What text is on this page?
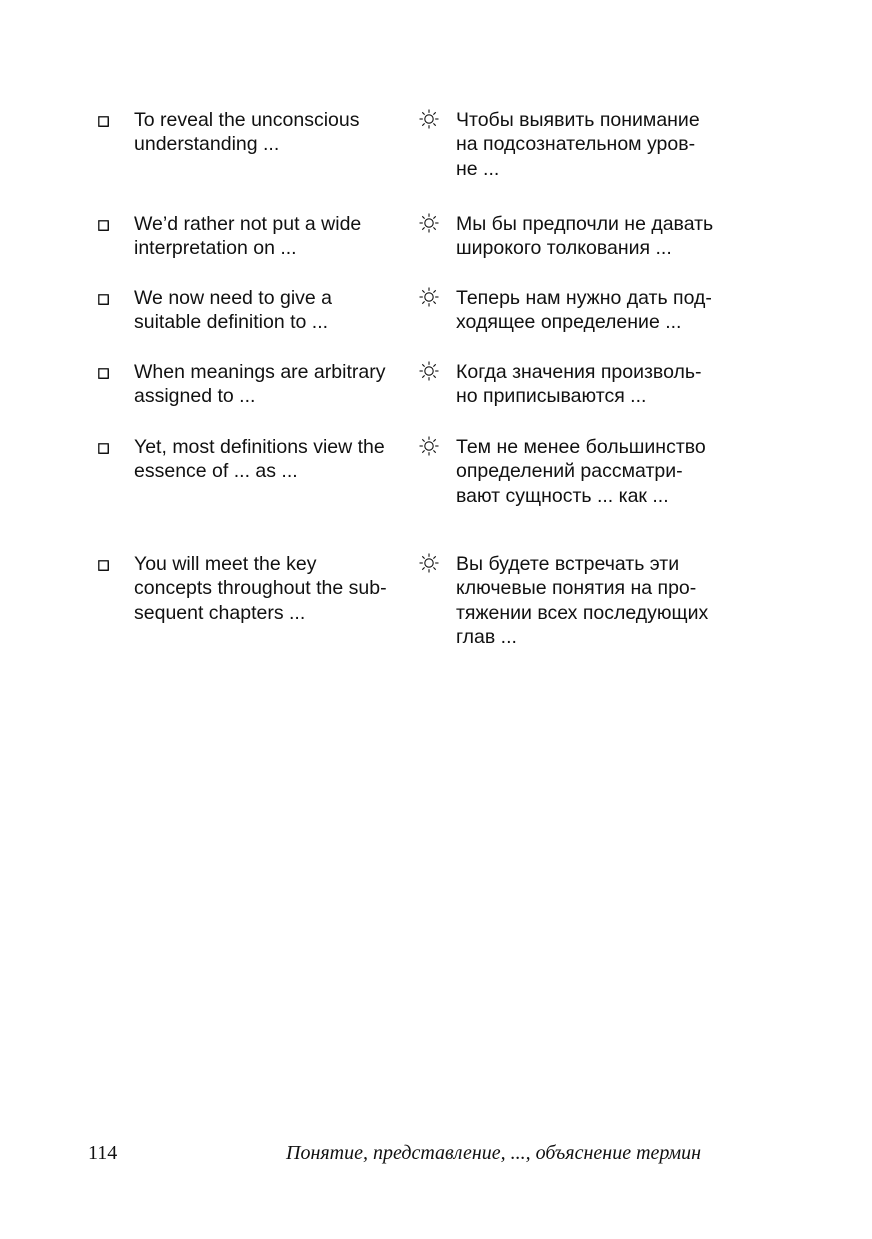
To reveal the unconscious
understanding ...
Чтобы выявить понимание
на подсознательном уров-
не ...
We’d rather not put a wide
interpretation on ...
Мы бы предпочли не давать
широкого толкования ...
We now need to give a
suitable definition to ...
Теперь нам нужно дать под-
ходящее определение ...
When meanings are arbitrary
assigned to ...
Когда значения произволь-
но приписываются ...
Yet, most definitions view the
essence of ... as ...
Тем не менее большинство
определений рассматри-
вают сущность ... как ...
You will meet the key
concepts throughout the sub-
sequent chapters ...
Вы будете встречать эти
ключевые понятия на про-
тяжении всех последующих
глав ...
114	Понятие, представление, ..., объяснение термин
